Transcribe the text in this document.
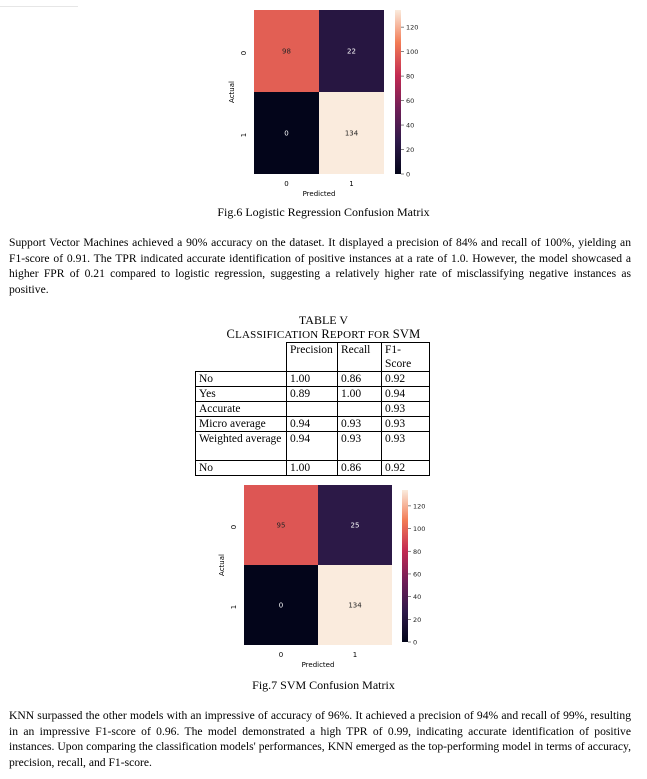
98	22
0	134
0
20
40
60
80
100
120
0
1
0	1
Predicted
Actual
Fig.6 Logistic Regression Confusion Matrix

Support Vector Machines achieved a 90% accuracy on the dataset. It displayed a precision of 84% and recall of 100%, yielding an F1-score of 0.91. The TPR indicated accurate identification of positive instances at a rate of 1.0. However, the model showcased a higher FPR of 0.21 compared to logistic regression, suggesting a relatively higher rate of misclassifying negative instances as positive.

TABLE V
CLASSIFICATION REPORT FOR SVM
	Precision	Recall	F1-Score
No	1.00	0.86	0.92
Yes	0.89	1.00	0.94
Accurate			0.93
Micro average	0.94	0.93	0.93
Weighted average	0.94	0.93	0.93
No	1.00	0.86	0.92
95	25
0	134
0
20
40
60
80
100
120
0
1
0	1
Predicted
Actual
Fig.7 SVM Confusion Matrix

KNN surpassed the other models with an impressive of accuracy of 96%. It achieved a precision of 94% and recall of 99%, resulting in an impressive F1-score of 0.96. The model demonstrated a high TPR of 0.99, indicating accurate identification of positive instances. Upon comparing the classification models' performances, KNN emerged as the top-performing model in terms of accuracy, precision, recall, and F1-score.
